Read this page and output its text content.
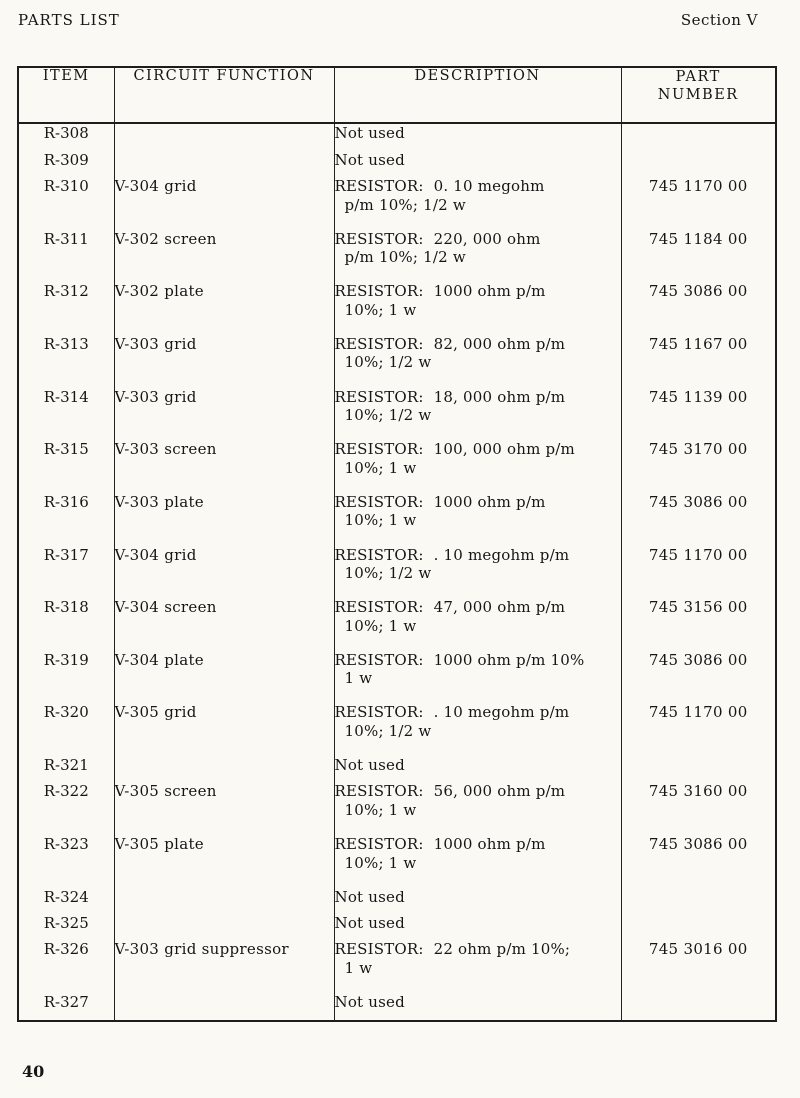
PARTS LIST	Section V
ITEM	CIRCUIT FUNCTION	DESCRIPTION	PART NUMBER

R-308		Not used	

R-309		Not used	

R-310	V-304 grid	RESISTOR:  0. 10 megohm
p/m 10%; 1/2 w	745 1170 00
R-311	V-302 screen	RESISTOR:  220, 000 ohm
p/m 10%; 1/2 w	745 1184 00
R-312	V-302 plate	RESISTOR:  1000 ohm p/m
10%; 1 w	745 3086 00
R-313	V-303 grid	RESISTOR:  82, 000 ohm p/m
10%; 1/2 w	745 1167 00
R-314	V-303 grid	RESISTOR:  18, 000 ohm p/m
10%; 1/2 w	745 1139 00
R-315	V-303 screen	RESISTOR:  100, 000 ohm p/m
10%; 1 w	745 3170 00
R-316	V-303 plate	RESISTOR:  1000 ohm p/m
10%; 1 w	745 3086 00
R-317	V-304 grid	RESISTOR:  . 10 megohm p/m
10%; 1/2 w	745 1170 00
R-318	V-304 screen	RESISTOR:  47, 000 ohm p/m
10%; 1 w	745 3156 00
R-319	V-304 plate	RESISTOR:  1000 ohm p/m 10%
1 w	745 3086 00
R-320	V-305 grid	RESISTOR:  . 10 megohm p/m
10%; 1/2 w	745 1170 00
R-321		Not used	

R-322	V-305 screen	RESISTOR:  56, 000 ohm p/m
10%; 1 w	745 3160 00
R-323	V-305 plate	RESISTOR:  1000 ohm p/m
10%; 1 w	745 3086 00
R-324		Not used	

R-325		Not used	

R-326	V-303 grid suppressor	RESISTOR:  22 ohm p/m 10%;
1 w	745 3016 00
R-327		Not used	

40
